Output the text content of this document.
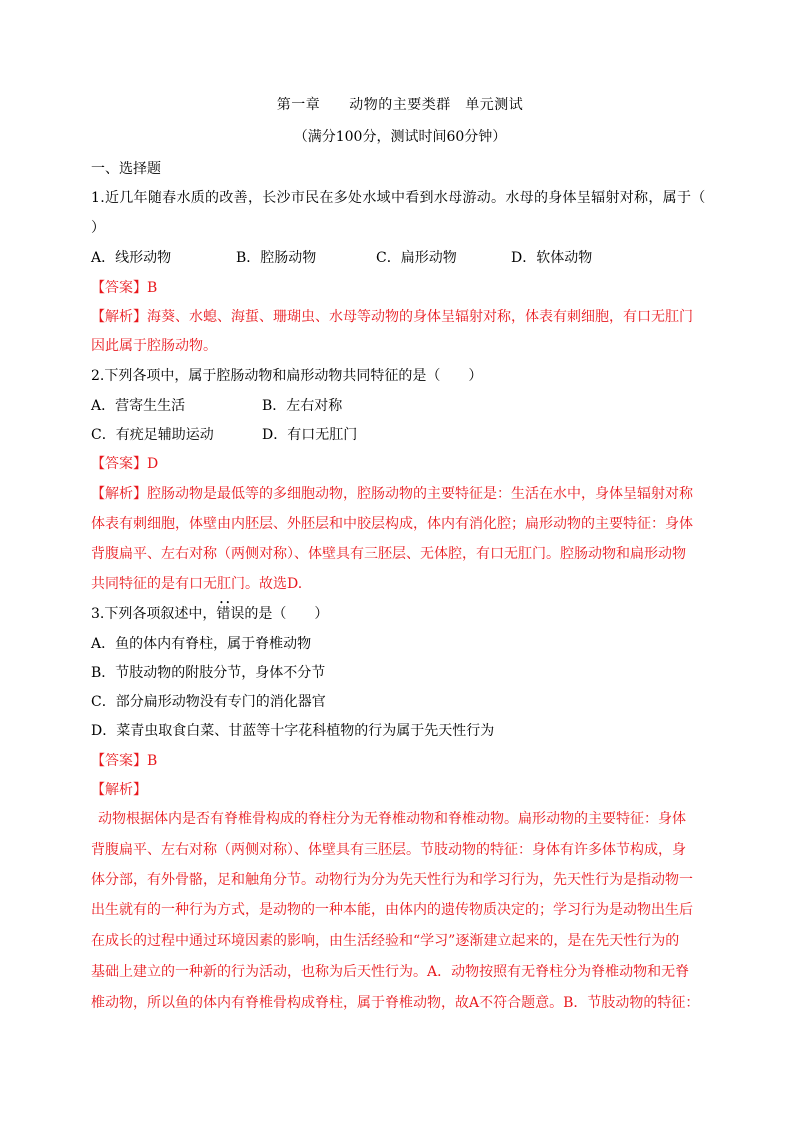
第一章　　动物的主要类群　单元测试
（满分100分，测试时间60分钟）
一、选择题
1.近几年随春水质的改善，长沙市民在多处水域中看到水母游动。水母的身体呈辐射对称，属于（
）
A．线形动物	B．腔肠动物	C．扁形动物	D．软体动物
【答案】B
【解析】海葵、水螅、海蜇、珊瑚虫、水母等动物的身体呈辐射对称，体表有刺细胞，有口无肛门
因此属于腔肠动物。
2.下列各项中，属于腔肠动物和扁形动物共同特征的是（　　）
A．营寄生生活	B．左右对称
C．有疣足辅助运动	D．有口无肛门
【答案】D
【解析】腔肠动物是最低等的多细胞动物，腔肠动物的主要特征是：生活在水中，身体呈辐射对称
体表有刺细胞，体壁由内胚层、外胚层和中胶层构成，体内有消化腔；扁形动物的主要特征：身体
背腹扁平、左右对称（两侧对称）、体壁具有三胚层、无体腔，有口无肛门。腔肠动物和扁形动物
共同特征的是有口无肛门。故选D.
3.下列各项叙述中，• • 错误的是（　　）
A．鱼的体内有脊柱，属于脊椎动物
B．节肢动物的附肢分节，身体不分节
C．部分扁形动物没有专门的消化器官
D．菜青虫取食白菜、甘蓝等十字花科植物的行为属于先天性行为
【答案】B
【解析】
动物根据体内是否有脊椎骨构成的脊柱分为无脊椎动物和脊椎动物。扁形动物的主要特征：身体
背腹扁平、左右对称（两侧对称）、体壁具有三胚层。节肢动物的特征：身体有许多体节构成，身
体分部，有外骨骼，足和触角分节。动物行为分为先天性行为和学习行为，先天性行为是指动物一
出生就有的一种行为方式，是动物的一种本能，由体内的遗传物质决定的；学习行为是动物出生后
在成长的过程中通过环境因素的影响，由生活经验和“学习”逐渐建立起来的，是在先天性行为的
基础上建立的一种新的行为活动，也称为后天性行为。A．动物按照有无脊柱分为脊椎动物和无脊
椎动物，所以鱼的体内有脊椎骨构成脊柱，属于脊椎动物，故A不符合题意。B．节肢动物的特征：
